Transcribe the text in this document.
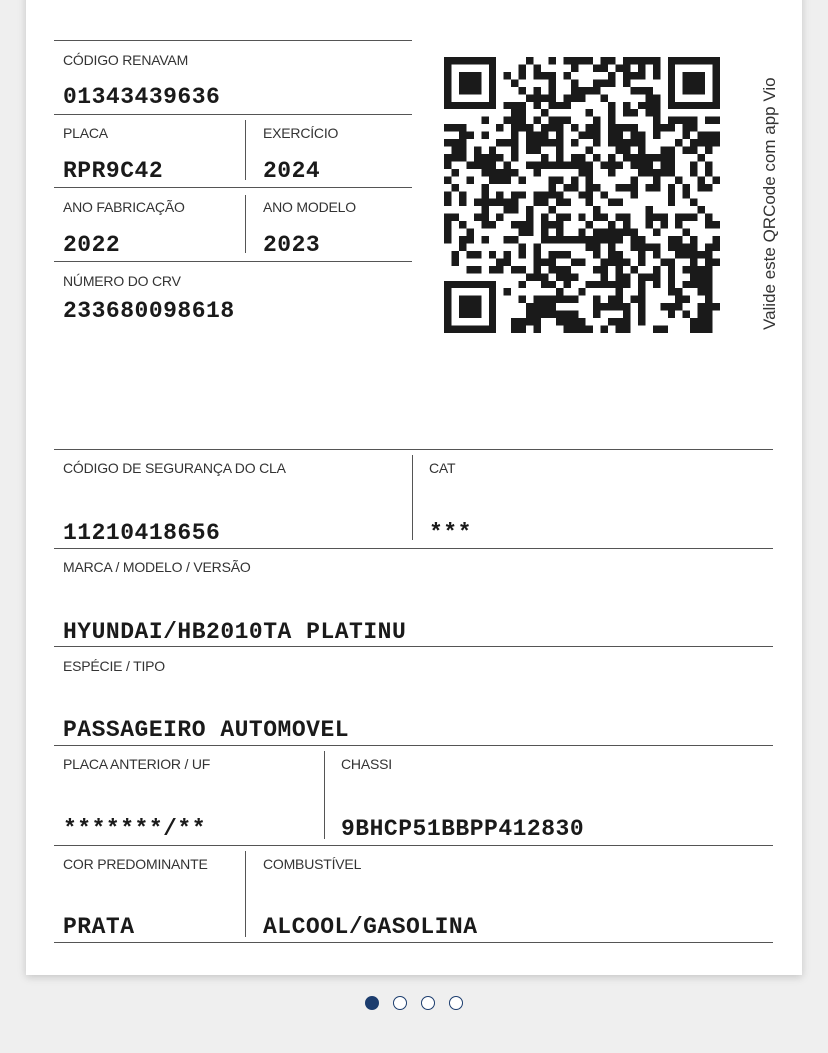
CÓDIGO RENAVAM
01343439636
PLACA	EXERCÍCIO
RPR9C42	2024
ANO FABRICAÇÃO	ANO MODELO
2022	2023
NÚMERO DO CRV
233680098618	Valide este QRCode com app Vio
CÓDIGO DE SEGURANÇA DO CLA	CAT
11210418656	***
MARCA / MODELO / VERSÃO
HYUNDAI/HB2010TA PLATINU
ESPÉCIE / TIPO
PASSAGEIRO AUTOMOVEL
PLACA ANTERIOR / UF	CHASSI
*******/**	9BHCP51BBPP412830
COR PREDOMINANTE	COMBUSTÍVEL
PRATA	ALCOOL/GASOLINA
